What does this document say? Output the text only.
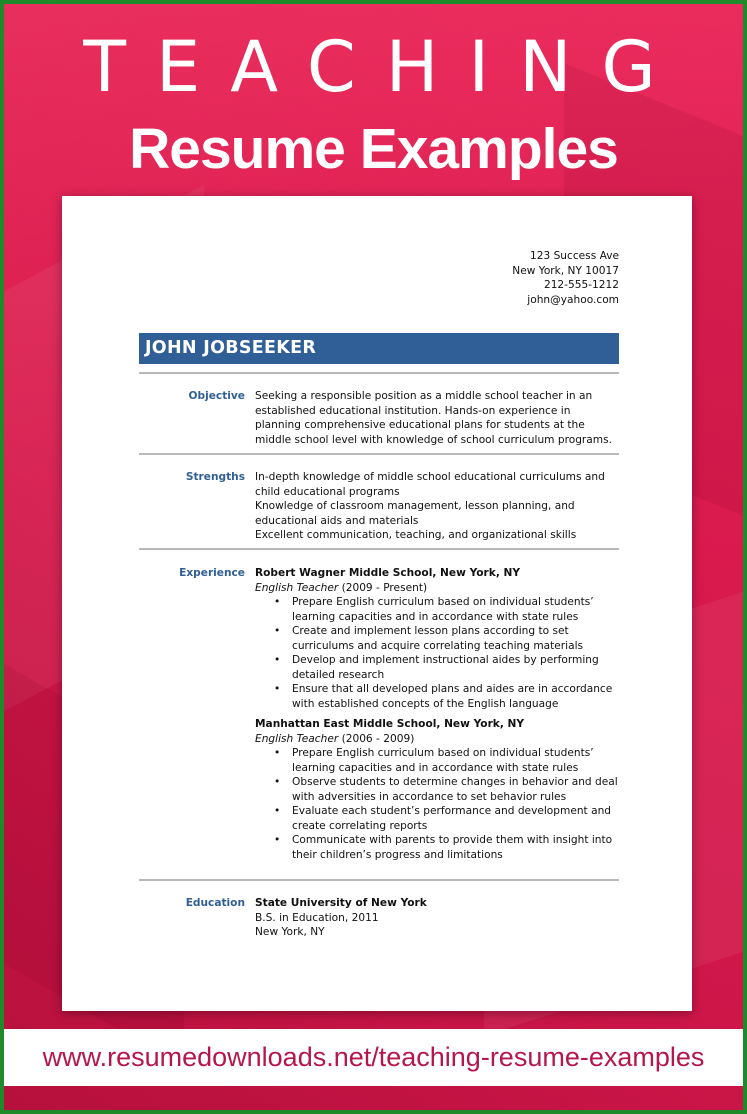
TEACHING
Resume Examples
123 Success Ave
New York, NY 10017
212-555-1212
john@yahoo.com
JOHN JOBSEEKER
Objective Seeking a responsible position as a middle school teacher in an established educational institution. Hands-on experience in planning comprehensive educational plans for students at the middle school level with knowledge of school curriculum programs.

Strengths In-depth knowledge of middle school educational curriculums and child educational programs

Knowledge of classroom management, lesson planning, and educational aids and materials

Excellent communication, teaching, and organizational skills

Experience Robert Wagner Middle School, New York, NY

English Teacher (2009 - Present)

• Prepare English curriculum based on individual students’ learning capacities and in accordance with state rules
• Create and implement lesson plans according to set curriculums and acquire correlating teaching materials
• Develop and implement instructional aides by performing detailed research
• Ensure that all developed plans and aides are in accordance with established concepts of the English language

Manhattan East Middle School, New York, NY

English Teacher (2006 - 2009)

• Prepare English curriculum based on individual students’ learning capacities and in accordance with state rules
• Observe students to determine changes in behavior and deal with adversities in accordance to set behavior rules
• Evaluate each student’s performance and development and create correlating reports
• Communicate with parents to provide them with insight into their children’s progress and limitations
Education State University of New York

B.S. in Education, 2011

New York, NY

www.resumedownloads.net/teaching-resume-examples
